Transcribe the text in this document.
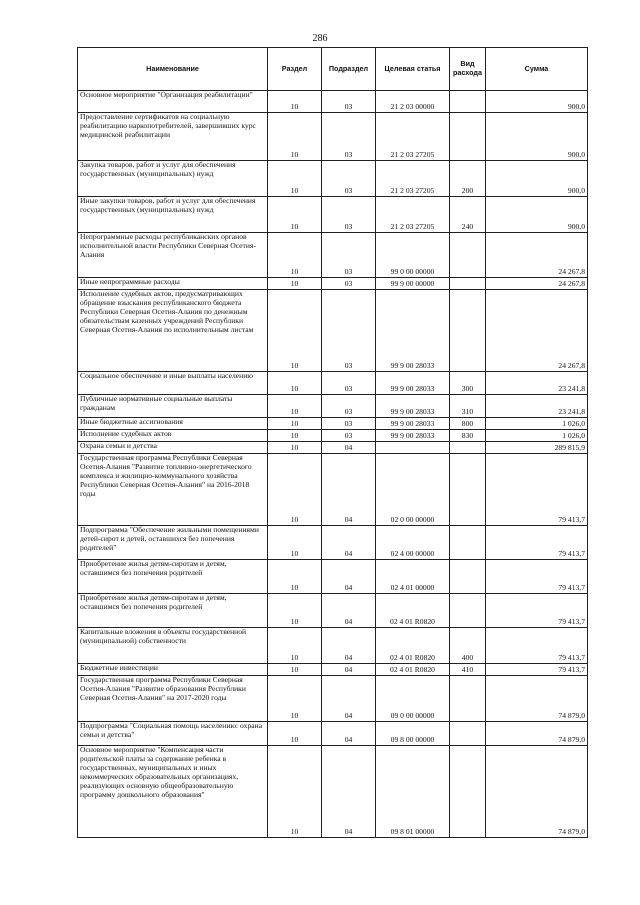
286
Наименование	Раздел	Подраздел	Целевая статья	Вид расхода	Сумма
Основное мероприятие "Организация реабилитации"	10	03	21 2 03 00000		900,0
Предоставление сертификатов на социальную реабилитацию наркопотребителей, завершивших курс медицинской реабилитации	10	03	21 2 03 27205		900,0
Закупка товаров, работ и услуг для обеспечения государственных (муниципальных) нужд	10	03	21 2 03 27205	200	900,0
Иные закупки товаров, работ и услуг для обеспечения государственных (муниципальных) нужд	10	03	21 2 03 27205	240	900,0
Непрограммные расходы республиканских органов исполнительной власти Республики Северная Осетия-Алания	10	03	99 0 00 00000		24 267,8
Иные непрограммные расходы	10	03	99 9 00 00000		24 267,8
Исполнение судебных актов, предусматривающих обращение взыскания республиканского бюджета Республики Северная Осетия-Алания по денежным обязательствам казенных учреждений Республики Северная Осетия-Алания по исполнительным листам	10	03	99 9 00 28033		24 267,8
Социальное обеспечение и иные выплаты населению	10	03	99 9 00 28033	300	23 241,8
Публичные нормативные социальные выплаты гражданам	10	03	99 9 00 28033	310	23 241,8
Иные бюджетные ассигнования	10	03	99 9 00 28033	800	1 026,0
Исполнение судебных актов	10	03	99 9 00 28033	830	1 026,0
Охрана семьи и детства	10	04			289 815,9
Государственная программа Республики Северная Осетия-Алания "Развитие топливно-энергетического комплекса и жилищно-коммунального хозяйства Республики Северная Осетия-Алания" на 2016-2018 годы	10	04	02 0 00 00000		79 413,7
Подпрограмма "Обеспечение жильными помещениями детей-сирот и детей, оставшихся без попечения родителей"	10	04	02 4 00 00000		79 413,7
Приобретение жилья детям-сиротам и детям, оставшимся без попечения родителей	10	04	02 4 01 00000		79 413,7
Приобретение жилья детям-сиротам и детям, оставшимся без попечения родителей	10	04	02 4 01 R0820		79 413,7
Капитальные вложения в объекты государственной (муниципальной) собственности	10	04	02 4 01 R0820	400	79 413,7
Бюджетные инвестиции	10	04	02 4 01 R0820	410	79 413,7
Государственная программа Республики Северная Осетия-Алания "Развитие образования Республики Северная Осетия-Алания" на 2017-2020 годы	10	04	09 0 00 00000		74 879,0
Подпрограмма "Социальная помощь населению: охрана семьи и детства"	10	04	09 8 00 00000		74 879,0
Основное мероприятие "Компенсация части родительской платы за содержание ребенка в государственных, муниципальных и иных некоммерческих образовательных организациях, реализующих основную общеобразовательную программу дошкольного образования"	10	04	09 8 01 00000		74 879,0
